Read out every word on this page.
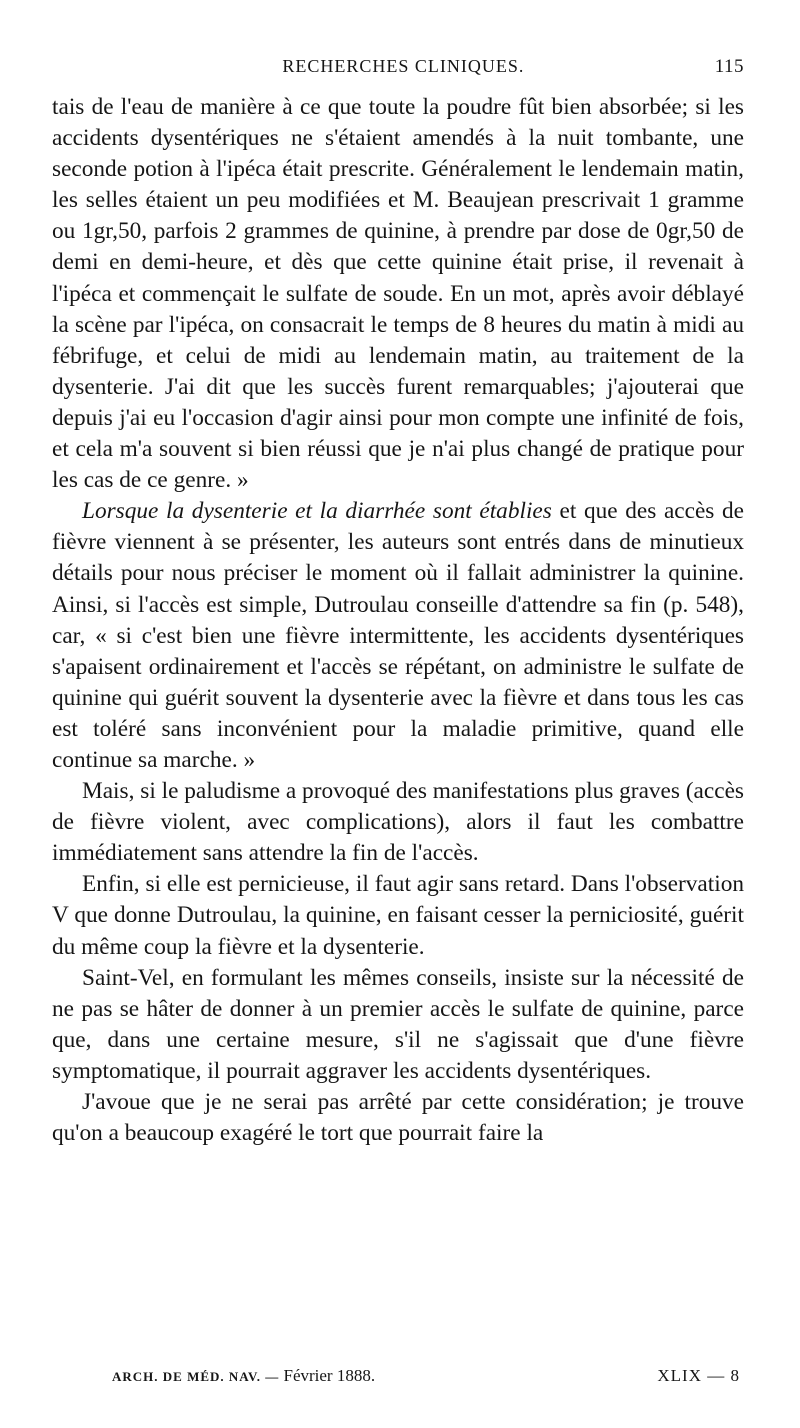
RECHERCHES CLINIQUES.	115

tais de l'eau de manière à ce que toute la poudre fût bien absorbée; si les accidents dysentériques ne s'étaient amendés à la nuit tombante, une seconde potion à l'ipéca était prescrite. Généralement le lendemain matin, les selles étaient un peu modifiées et M. Beaujean prescrivait 1 gramme ou 1gr,50, parfois 2 grammes de quinine, à prendre par dose de 0gr,50 de demi en demi-heure, et dès que cette quinine était prise, il revenait à l'ipéca et commençait le sulfate de soude. En un mot, après avoir déblayé la scène par l'ipéca, on consacrait le temps de 8 heures du matin à midi au fébrifuge, et celui de midi au lendemain matin, au traitement de la dysenterie. J'ai dit que les succès furent remarquables; j'ajouterai que depuis j'ai eu l'occasion d'agir ainsi pour mon compte une infinité de fois, et cela m'a souvent si bien réussi que je n'ai plus changé de pratique pour les cas de ce genre. »

Lorsque la dysenterie et la diarrhée sont établies et que des accès de fièvre viennent à se présenter, les auteurs sont entrés dans de minutieux détails pour nous préciser le moment où il fallait administrer la quinine. Ainsi, si l'accès est simple, Dutroulau conseille d'attendre sa fin (p. 548), car, « si c'est bien une fièvre intermittente, les accidents dysentériques s'apaisent ordinairement et l'accès se répétant, on administre le sulfate de quinine qui guérit souvent la dysenterie avec la fièvre et dans tous les cas est toléré sans inconvénient pour la maladie primitive, quand elle continue sa marche. »

Mais, si le paludisme a provoqué des manifestations plus graves (accès de fièvre violent, avec complications), alors il faut les combattre immédiatement sans attendre la fin de l'accès.

Enfin, si elle est pernicieuse, il faut agir sans retard. Dans l'observation V que donne Dutroulau, la quinine, en faisant cesser la perniciosité, guérit du même coup la fièvre et la dysenterie.

Saint-Vel, en formulant les mêmes conseils, insiste sur la nécessité de ne pas se hâter de donner à un premier accès le sulfate de quinine, parce que, dans une certaine mesure, s'il ne s'agissait que d'une fièvre symptomatique, il pourrait aggraver les accidents dysentériques.

J'avoue que je ne serai pas arrêté par cette considération; je trouve qu'on a beaucoup exagéré le tort que pourrait faire la

ARCH. DE MÉD. NAV. — Février 1888.	XLIX — 8
